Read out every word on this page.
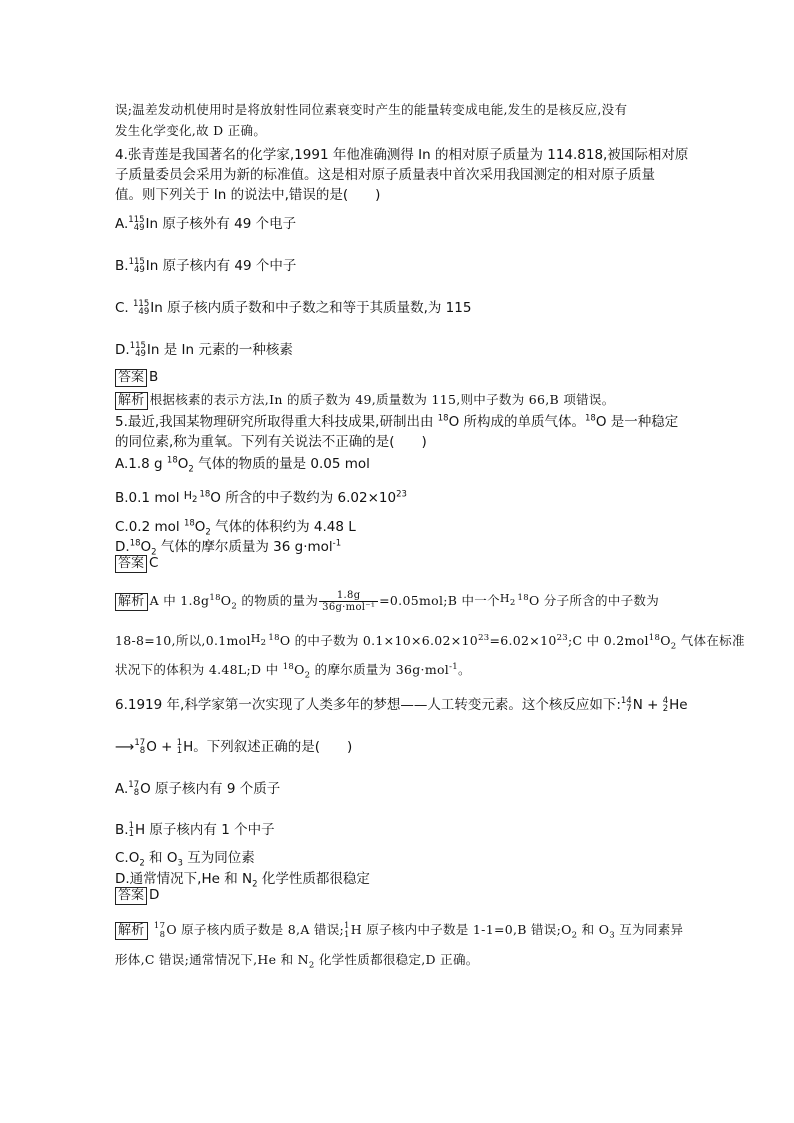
误;温差发动机使用时是将放射性同位素衰变时产生的能量转变成电能,发生的是核反应,没有
发生化学变化,故 D 正确。
4.张青莲是我国著名的化学家,1991 年他准确测得 In 的相对原子质量为 114.818,被国际相对原
子质量委员会采用为新的标准值。这是相对原子质量表中首次采用我国测定的相对原子质量
值。则下列关于 In 的说法中,错误的是(　　)
A. 115
49 In 原子核外有 49 个电子
B. 115
49 In 原子核内有 49 个中子
C. 115
49 In 原子核内质子数和中子数之和等于其质量数,为 115
D. 115
49 In 是 In 元素的一种核素
答案 B
解析 根据核素的表示方法,In 的质子数为 49,质量数为 115,则中子数为 66,B 项错误。
5.最近,我国某物理研究所取得重大科技成果,研制出由 $^{18}$O 所构成的单质气体。$^{18}$O 是一种稳定
的同位素,称为重氧。下列有关说法不正确的是(　　)
A.1.8 g $^{18}O_2$ 气体的物质的量是 0.05 mol
B.0.1 mol $H_2^{18}O$ 所含的中子数约为 $6.02\times 10^{23}$
C.0.2 mol $^{18}O_2$ 气体的体积约为 4.48 L
$D.^{18}O_2$ 气体的摩尔质量为 36 g·mol$^{-1}$
答案 C
解析 A 中 $1.8g^{18}O_2$ 的物质的量为 $\frac{1.8g}{\text{36g·mol⁻¹}}$ =0.05mol;B 中一个$H_2^{18}O$ 分子所含的中子数为
18-8=10,所以,0.1molH$_2^{18}$O 的中子数为 $0.1\times 10\times 6.02\times 10^{23}=6.02\times 10^{23};C$ 中 $0.2mol^{18}O_2$ 气体在标准
状况下的体积为 4.48L;D 中 $^{18}O_2$ 的摩尔质量为 36g·mol$^{-1}$。
6.1919 年,科学家第一次实现了人类多年的梦想——人工转变元素。这个核反应如下: 14
7 N + 4
2 He
⟶ 17
8 O + 1
1 H。下列叙述正确的是(　　)
A. 17
8 O 原子核内有 9 个质子
B. 1
1 H 原子核内有 1 个中子
$C.O_2$ 和 $O_3$ 互为同位素
D.通常情况下,He 和 $N_2$ 化学性质都很稳定
答案 D
解析 17
8 O 原子核内质子数是 8,A 错误; 1
1 H 原子核内中子数是 1-1=0,B 错误$;O_2$ 和 $O_3$ 互为同素异
形体,C 错误;通常情况下,He 和 $N_2$ 化学性质都很稳定,D 正确。
